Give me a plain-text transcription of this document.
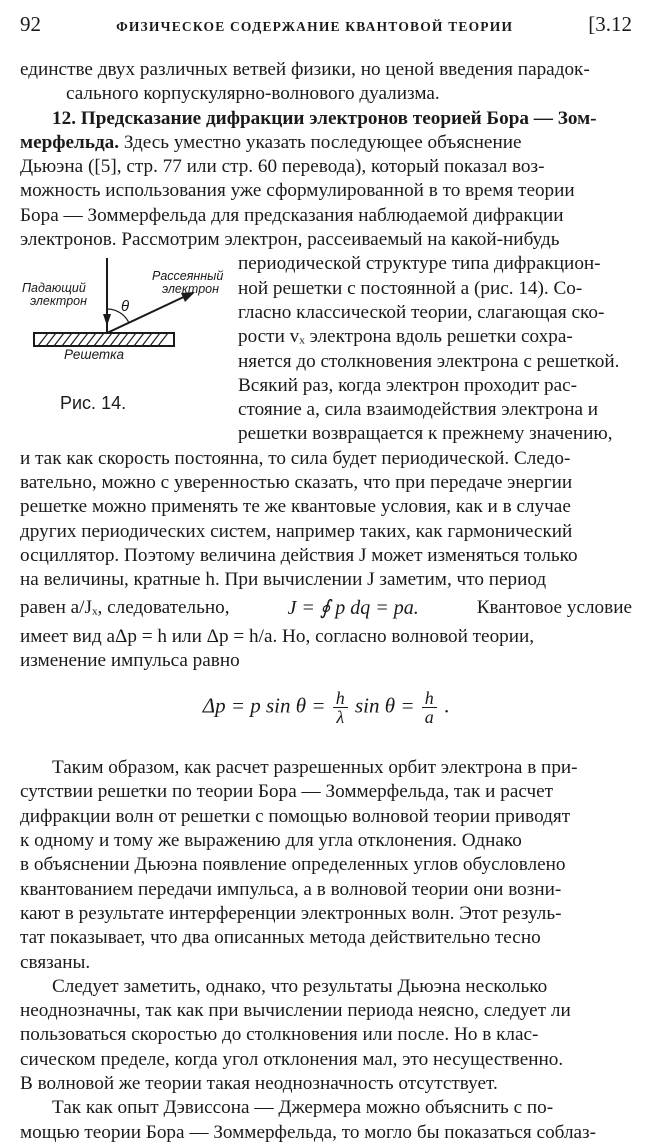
92	ФИЗИЧЕСКОЕ СОДЕРЖАНИЕ КВАНТОВОЙ ТЕОРИИ	[3.12

единстве двух различных ветвей физики, но ценой введения парадок-

сального корпускулярно-волнового дуализма.

12. Предсказание дифракции электронов теорией Бора — Зом-

мерфельда. Здесь уместно указать последующее объяснение

Дьюэна ([5], стр. 77 или стр. 60 перевода), который показал воз-

можность использования уже сформулированной в то время теории

Бора — Зоммерфельда для предсказания наблюдаемой дифракции

электронов. Рассмотрим электрон, рассеиваемый на какой-нибудь

Падающий
электрон
Рассеянный
электрон
θ
Решетка
Рис. 14.

периодической структуре типа дифракцион-

ной решетки с постоянной a (рис. 14). Со-

гласно классической теории, слагающая ско-

рости vₓ электрона вдоль решетки сохра-

няется до столкновения электрона с решеткой.

Всякий раз, когда электрон проходит рас-

стояние a, сила взаимодействия электрона и

решетки возвращается к прежнему значению,

и так как скорость постоянна, то сила будет периодической. Следо-

вательно, можно с уверенностью сказать, что при передаче энергии

решетке можно применять те же квантовые условия, как и в случае

других периодических систем, например таких, как гармонический

осциллятор. Поэтому величина действия J может изменяться только

на величины, кратные h. При вычислении J заметим, что период

равен a/Jₓ, следовательно,	J = ∮ p dq = pa.	Квантовое условие

имеет вид aΔp = h или Δp = h/a. Но, согласно волновой теории,

изменение импульса равно

Δp = p $\sin \theta = \frac{h}{\lambda}$ $\sin \theta = \frac{h}{a}$ .

Таким образом, как расчет разрешенных орбит электрона в при-

сутствии решетки по теории Бора — Зоммерфельда, так и расчет

дифракции волн от решетки с помощью волновой теории приводят

к одному и тому же выражению для угла отклонения. Однако

в объяснении Дьюэна появление определенных углов обусловлено

квантованием передачи импульса, а в волновой теории они возни-

кают в результате интерференции электронных волн. Этот резуль-

тат показывает, что два описанных метода действительно тесно

связаны.

Следует заметить, однако, что результаты Дьюэна несколько

неоднозначны, так как при вычислении периода неясно, следует ли

пользоваться скоростью до столкновения или после. Но в клас-

сическом пределе, когда угол отклонения мал, это несущественно.

В волновой же теории такая неоднозначность отсутствует.

Так как опыт Дэвиссона — Джермера можно объяснить с по-

мощью теории Бора — Зоммерфельда, то могло бы показаться соблаз-
